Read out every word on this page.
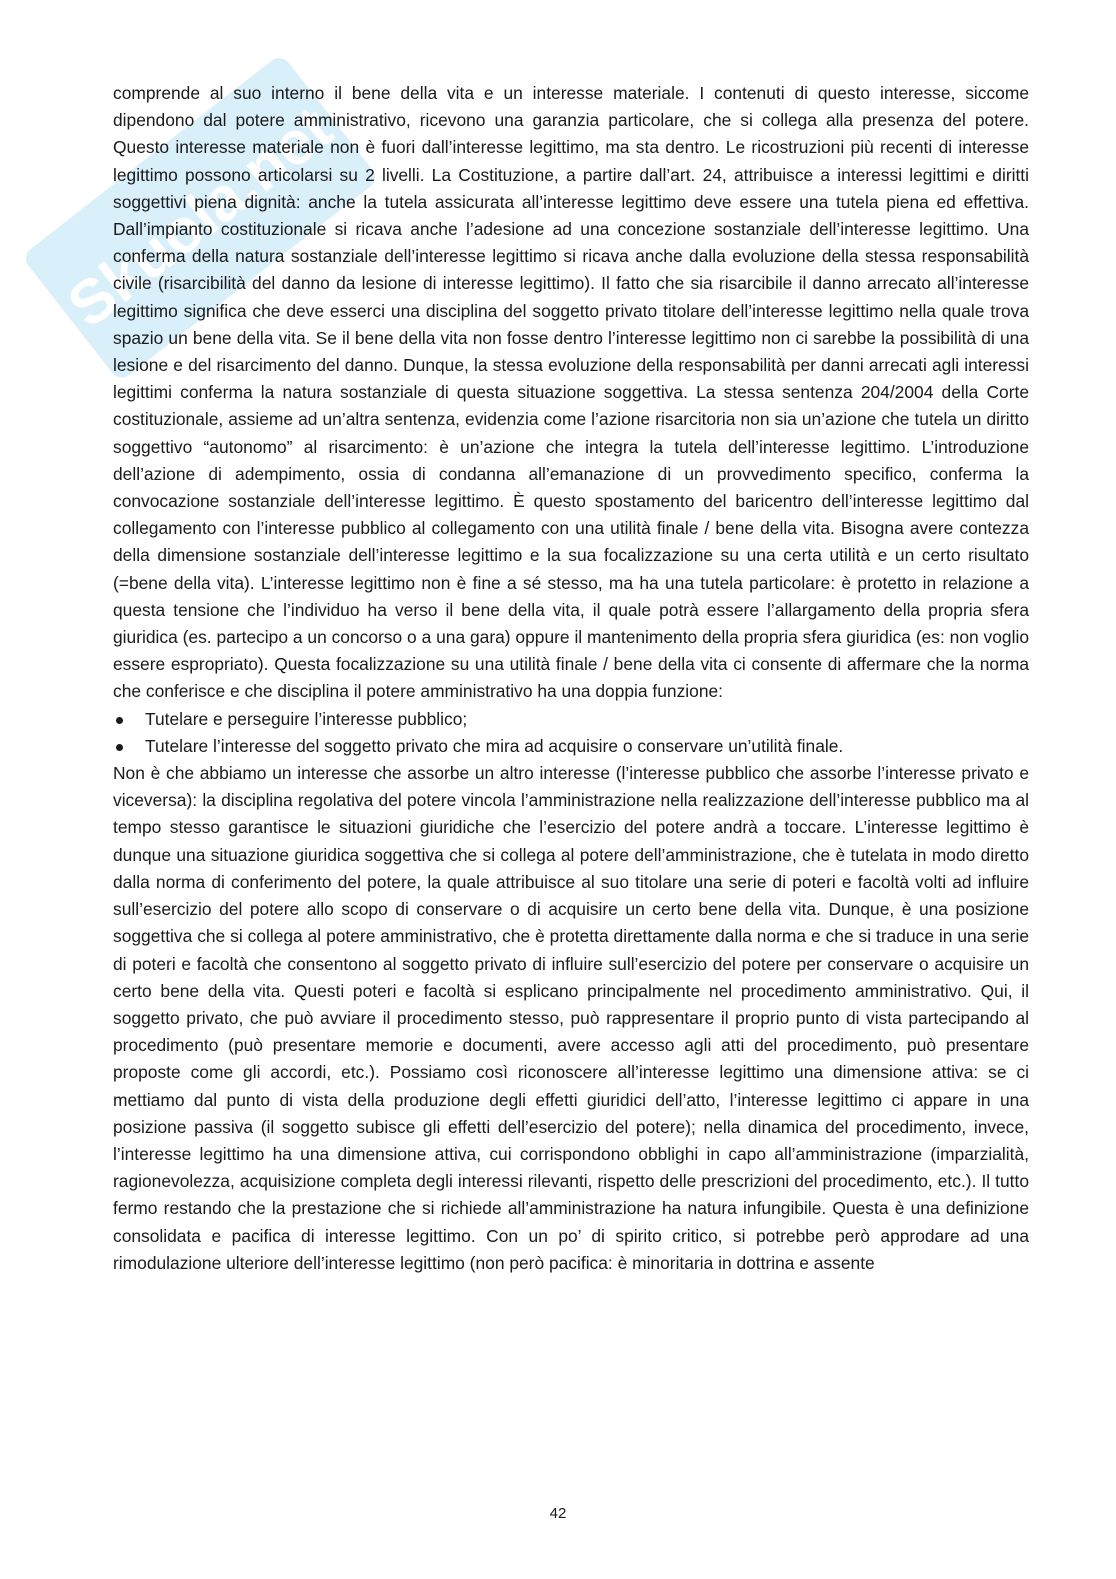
Skuola.net

comprende al suo interno il bene della vita e un interesse materiale. I contenuti di questo interesse, siccome dipendono dal potere amministrativo, ricevono una garanzia particolare, che si collega alla presenza del potere. Questo interesse materiale non è fuori dall’interesse legittimo, ma sta dentro. Le ricostruzioni più recenti di interesse legittimo possono articolarsi su 2 livelli. La Costituzione, a partire dall’art. 24, attribuisce a interessi legittimi e diritti soggettivi piena dignità: anche la tutela assicurata all’interesse legittimo deve essere una tutela piena ed effettiva. Dall’impianto costituzionale si ricava anche l’adesione ad una concezione sostanziale dell’interesse legittimo. Una conferma della natura sostanziale dell’interesse legittimo si ricava anche dalla evoluzione della stessa responsabilità civile (risarcibilità del danno da lesione di interesse legittimo). Il fatto che sia risarcibile il danno arrecato all’interesse legittimo significa che deve esserci una disciplina del soggetto privato titolare dell’interesse legittimo nella quale trova spazio un bene della vita. Se il bene della vita non fosse dentro l’interesse legittimo non ci sarebbe la possibilità di una lesione e del risarcimento del danno. Dunque, la stessa evoluzione della responsabilità per danni arrecati agli interessi legittimi conferma la natura sostanziale di questa situazione soggettiva. La stessa sentenza 204/2004 della Corte costituzionale, assieme ad un’altra sentenza, evidenzia come l’azione risarcitoria non sia un’azione che tutela un diritto soggettivo “autonomo” al risarcimento: è un’azione che integra la tutela dell’interesse legittimo. L’introduzione dell’azione di adempimento, ossia di condanna all’emanazione di un provvedimento specifico, conferma la convocazione sostanziale dell’interesse legittimo. È questo spostamento del baricentro dell’interesse legittimo dal collegamento con l’interesse pubblico al collegamento con una utilità finale / bene della vita. Bisogna avere contezza della dimensione sostanziale dell’interesse legittimo e la sua focalizzazione su una certa utilità e un certo risultato (=bene della vita). L’interesse legittimo non è fine a sé stesso, ma ha una tutela particolare: è protetto in relazione a questa tensione che l’individuo ha verso il bene della vita, il quale potrà essere l’allargamento della propria sfera giuridica (es. partecipo a un concorso o a una gara) oppure il mantenimento della propria sfera giuridica (es: non voglio essere espropriato). Questa focalizzazione su una utilità finale / bene della vita ci consente di affermare che la norma che conferisce e che disciplina il potere amministrativo ha una doppia funzione:

Tutelare e perseguire l’interesse pubblico;
Tutelare l’interesse del soggetto privato che mira ad acquisire o conservare un’utilità finale.

Non è che abbiamo un interesse che assorbe un altro interesse (l’interesse pubblico che assorbe l’interesse privato e viceversa): la disciplina regolativa del potere vincola l’amministrazione nella realizzazione dell’interesse pubblico ma al tempo stesso garantisce le situazioni giuridiche che l’esercizio del potere andrà a toccare. L’interesse legittimo è dunque una situazione giuridica soggettiva che si collega al potere dell’amministrazione, che è tutelata in modo diretto dalla norma di conferimento del potere, la quale attribuisce al suo titolare una serie di poteri e facoltà volti ad influire sull’esercizio del potere allo scopo di conservare o di acquisire un certo bene della vita. Dunque, è una posizione soggettiva che si collega al potere amministrativo, che è protetta direttamente dalla norma e che si traduce in una serie di poteri e facoltà che consentono al soggetto privato di influire sull’esercizio del potere per conservare o acquisire un certo bene della vita. Questi poteri e facoltà si esplicano principalmente nel procedimento amministrativo. Qui, il soggetto privato, che può avviare il procedimento stesso, può rappresentare il proprio punto di vista partecipando al procedimento (può presentare memorie e documenti, avere accesso agli atti del procedimento, può presentare proposte come gli accordi, etc.). Possiamo così riconoscere all’interesse legittimo una dimensione attiva: se ci mettiamo dal punto di vista della produzione degli effetti giuridici dell’atto, l’interesse legittimo ci appare in una posizione passiva (il soggetto subisce gli effetti dell’esercizio del potere); nella dinamica del procedimento, invece, l’interesse legittimo ha una dimensione attiva, cui corrispondono obblighi in capo all’amministrazione (imparzialità, ragionevolezza, acquisizione completa degli interessi rilevanti, rispetto delle prescrizioni del procedimento, etc.). Il tutto fermo restando che la prestazione che si richiede all’amministrazione ha natura infungibile. Questa è una definizione consolidata e pacifica di interesse legittimo. Con un po’ di spirito critico, si potrebbe però approdare ad una rimodulazione ulteriore dell’interesse legittimo (non però pacifica: è minoritaria in dottrina e assente

42
